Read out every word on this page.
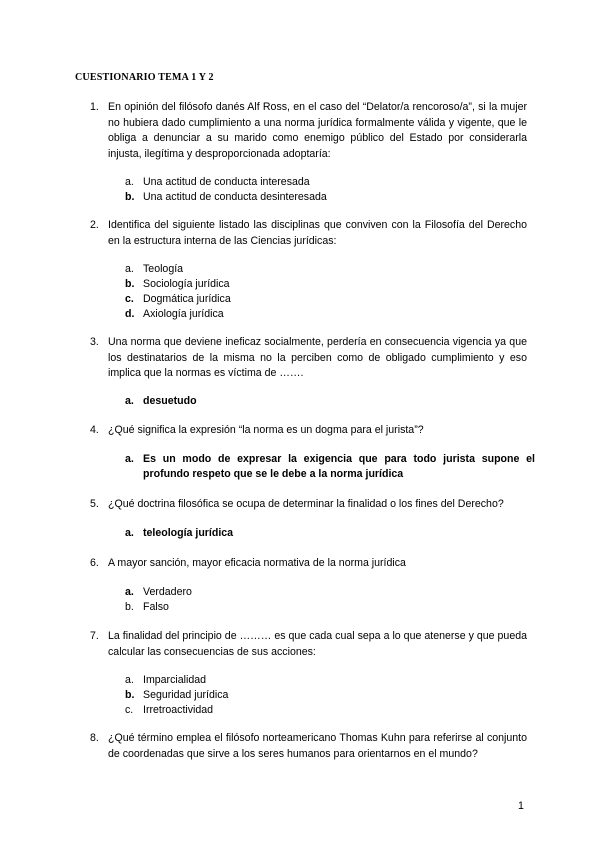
CUESTIONARIO TEMA 1 Y 2
1. En opinión del filósofo danés Alf Ross, en el caso del “Delator/a rencoroso/a”, si la mujer no hubiera dado cumplimiento a una norma jurídica formalmente válida y vigente, que le obliga a denunciar a su marido como enemigo público del Estado por considerarla injusta, ilegítima y desproporcionada adoptaría:
a. Una actitud de conducta interesada
b. Una actitud de conducta desinteresada
2. Identifica del siguiente listado las disciplinas que conviven con la Filosofía del Derecho en la estructura interna de las Ciencias jurídicas:
a. Teología
b. Sociología jurídica
c. Dogmática jurídica
d. Axiología jurídica
3. Una norma que deviene ineficaz socialmente, perdería en consecuencia vigencia ya que los destinatarios de la misma no la perciben como de obligado cumplimiento y eso implica que la normas es víctima de …….
a. desuetudo
4. ¿Qué significa la expresión “la norma es un dogma para el jurista”?
a. Es un modo de expresar la exigencia que para todo jurista supone el profundo respeto que se le debe a la norma jurídica
5. ¿Qué doctrina filosófica se ocupa de determinar la finalidad o los fines del Derecho?
a. teleología jurídica
6. A mayor sanción, mayor eficacia normativa de la norma jurídica
a. Verdadero
b. Falso
7. La finalidad del principio de ……… es que cada cual sepa a lo que atenerse y que pueda calcular las consecuencias de sus acciones:
a. Imparcialidad
b. Seguridad jurídica
c. Irretroactividad
8. ¿Qué término emplea el filósofo norteamericano Thomas Kuhn para referirse al conjunto de coordenadas que sirve a los seres humanos para orientarnos en el mundo?
1
